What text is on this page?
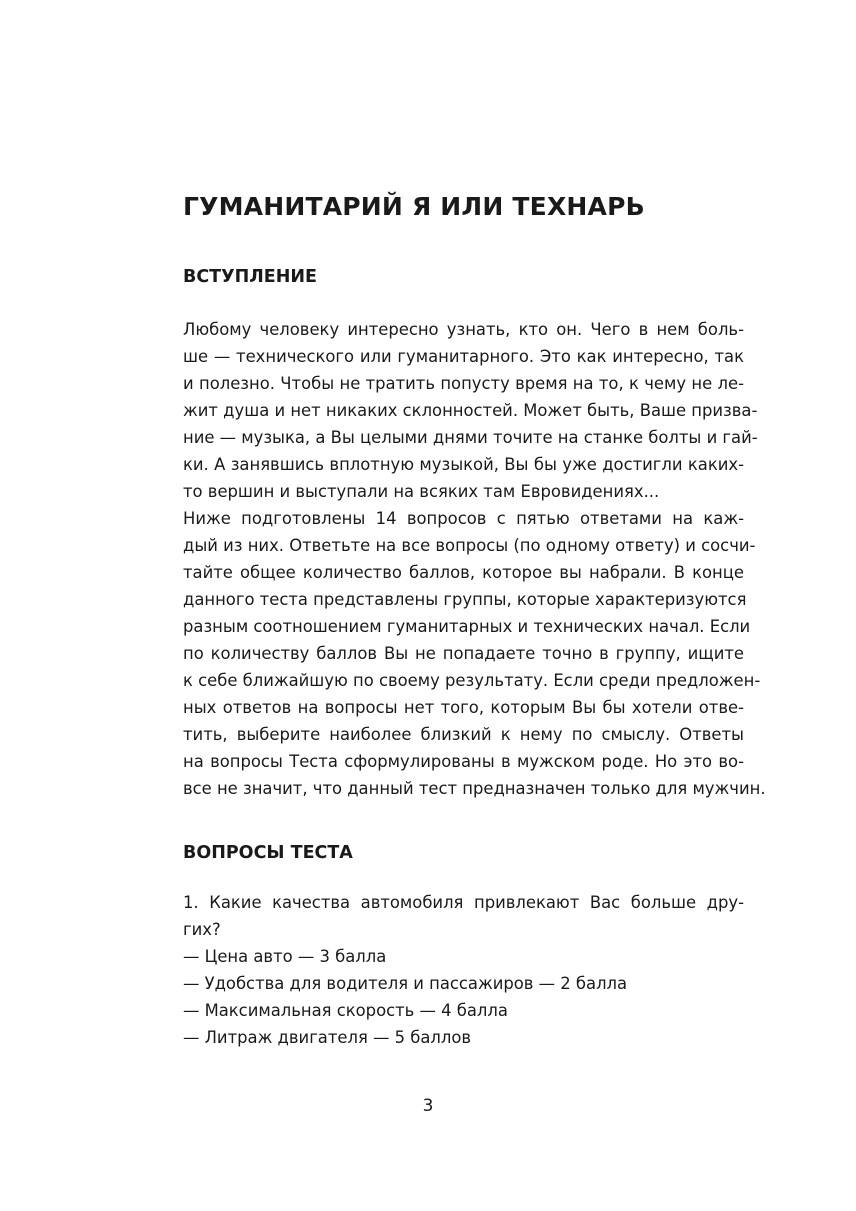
ГУМАНИТАРИЙ Я ИЛИ ТЕХНАРЬ
ВСТУПЛЕНИЕ
Любому человеку интересно узнать, кто он. Чего в нем боль-
ше — технического или гуманитарного. Это как интересно, так
и полезно. Чтобы не тратить попусту время на то, к чему не ле-
жит душа и нет никаких склонностей. Может быть, Ваше призва-
ние — музыка, а Вы целыми днями точите на станке болты и гай-
ки. А занявшись вплотную музыкой, Вы бы уже достигли каких-
то вершин и выступали на всяких там Евровидениях...
Ниже подготовлены 14 вопросов с пятью ответами на каж-
дый из них. Ответьте на все вопросы (по одному ответу) и сосчи-
тайте общее количество баллов, которое вы набрали. В конце
данного теста представлены группы, которые характеризуются
разным соотношением гуманитарных и технических начал. Если
по количеству баллов Вы не попадаете точно в группу, ищите
к себе ближайшую по своему результату. Если среди предложен-
ных ответов на вопросы нет того, которым Вы бы хотели отве-
тить, выберите наиболее близкий к нему по смыслу. Ответы
на вопросы Теста сформулированы в мужском роде. Но это во-
все не значит, что данный тест предназначен только для мужчин.
ВОПРОСЫ ТЕСТА
1. Какие качества автомобиля привлекают Вас больше дру-
гих?
— Цена авто — 3 балла
— Удобства для водителя и пассажиров — 2 балла
— Максимальная скорость — 4 балла
— Литраж двигателя — 5 баллов
3
